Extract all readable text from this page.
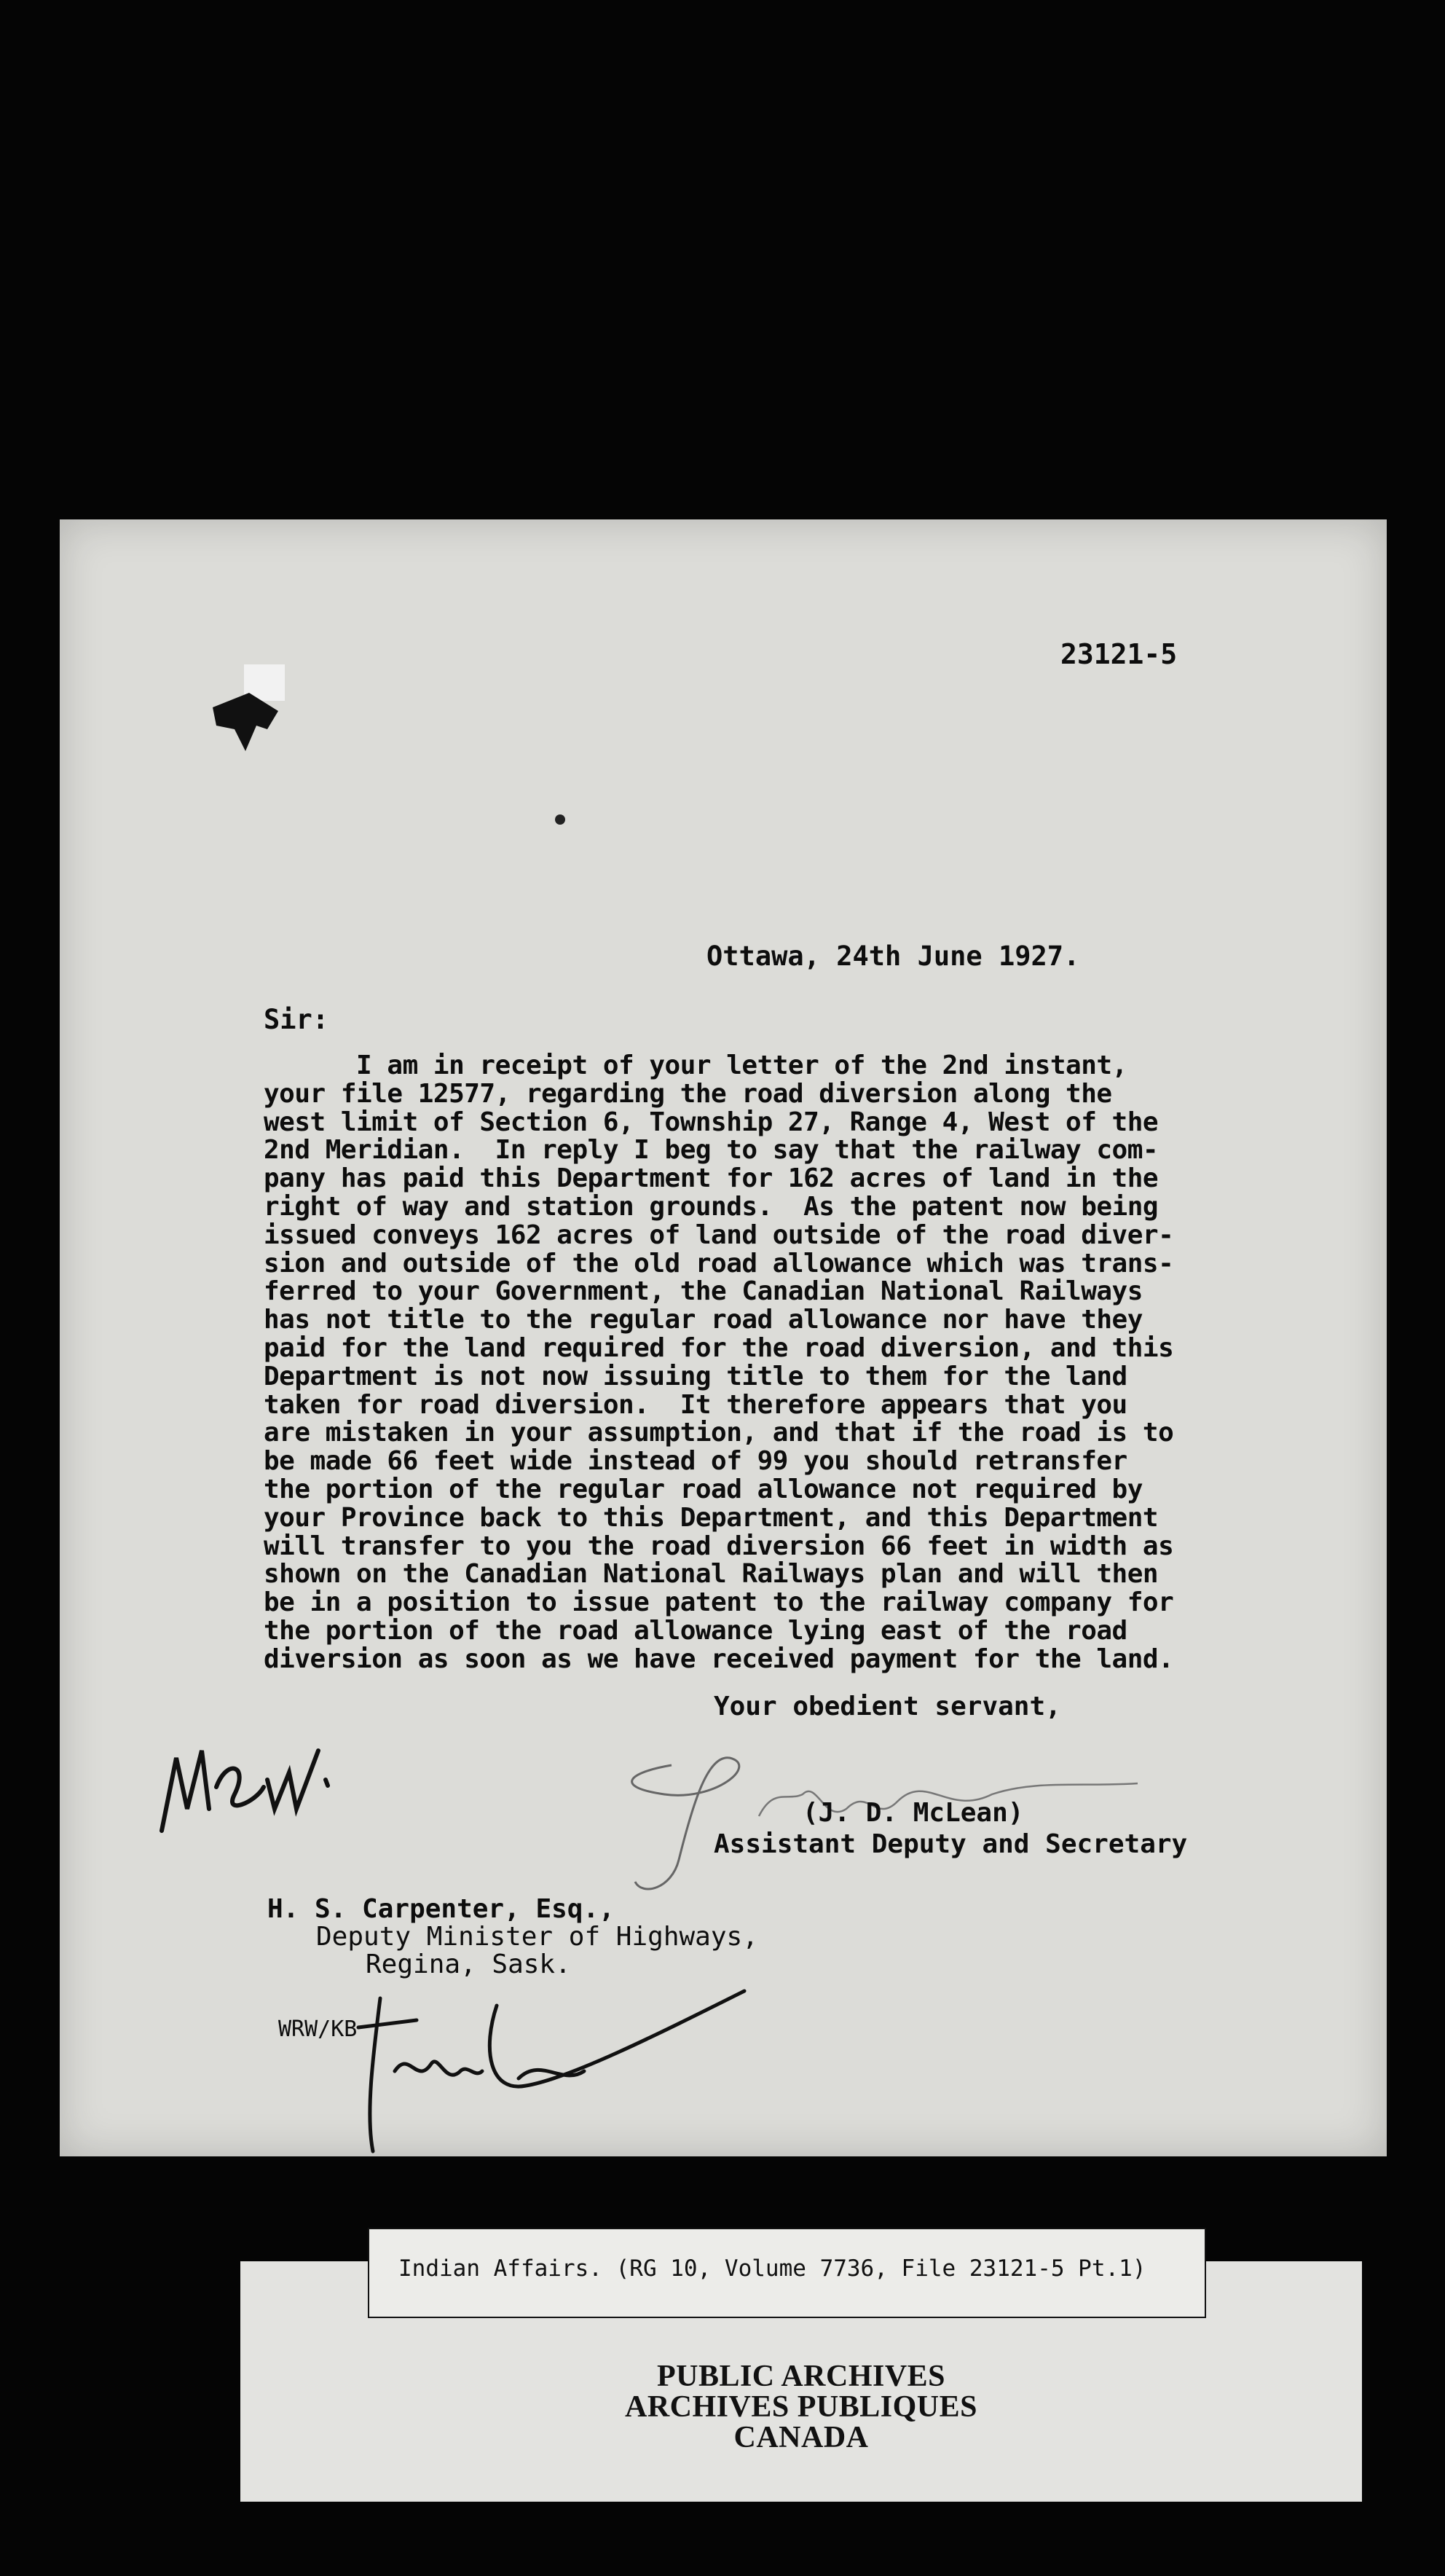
23121-5
Ottawa, 24th June 1927.
Sir:
I am in receipt of your letter of the 2nd instant,
your file 12577, regarding the road diversion along the
west limit of Section 6, Township 27, Range 4, West of the
2nd Meridian.  In reply I beg to say that the railway com-
pany has paid this Department for 162 acres of land in the
right of way and station grounds.  As the patent now being
issued conveys 162 acres of land outside of the road diver-
sion and outside of the old road allowance which was trans-
ferred to your Government, the Canadian National Railways
has not title to the regular road allowance nor have they
paid for the land required for the road diversion, and this
Department is not now issuing title to them for the land
taken for road diversion.  It therefore appears that you
are mistaken in your assumption, and that if the road is to
be made 66 feet wide instead of 99 you should retransfer
the portion of the regular road allowance not required by
your Province back to this Department, and this Department
will transfer to you the road diversion 66 feet in width as
shown on the Canadian National Railways plan and will then
be in a position to issue patent to the railway company for
the portion of the road allowance lying east of the road
diversion as soon as we have received payment for the land.
Your obedient servant,
(J. D. McLean)
Assistant Deputy and Secretary
H. S. Carpenter, Esq.,
Deputy Minister of Highways,
Regina, Sask.
WRW/KB
PUBLIC ARCHIVES
ARCHIVES PUBLIQUES
CANADA
Indian Affairs. (RG 10, Volume 7736, File 23121-5 Pt.1)
